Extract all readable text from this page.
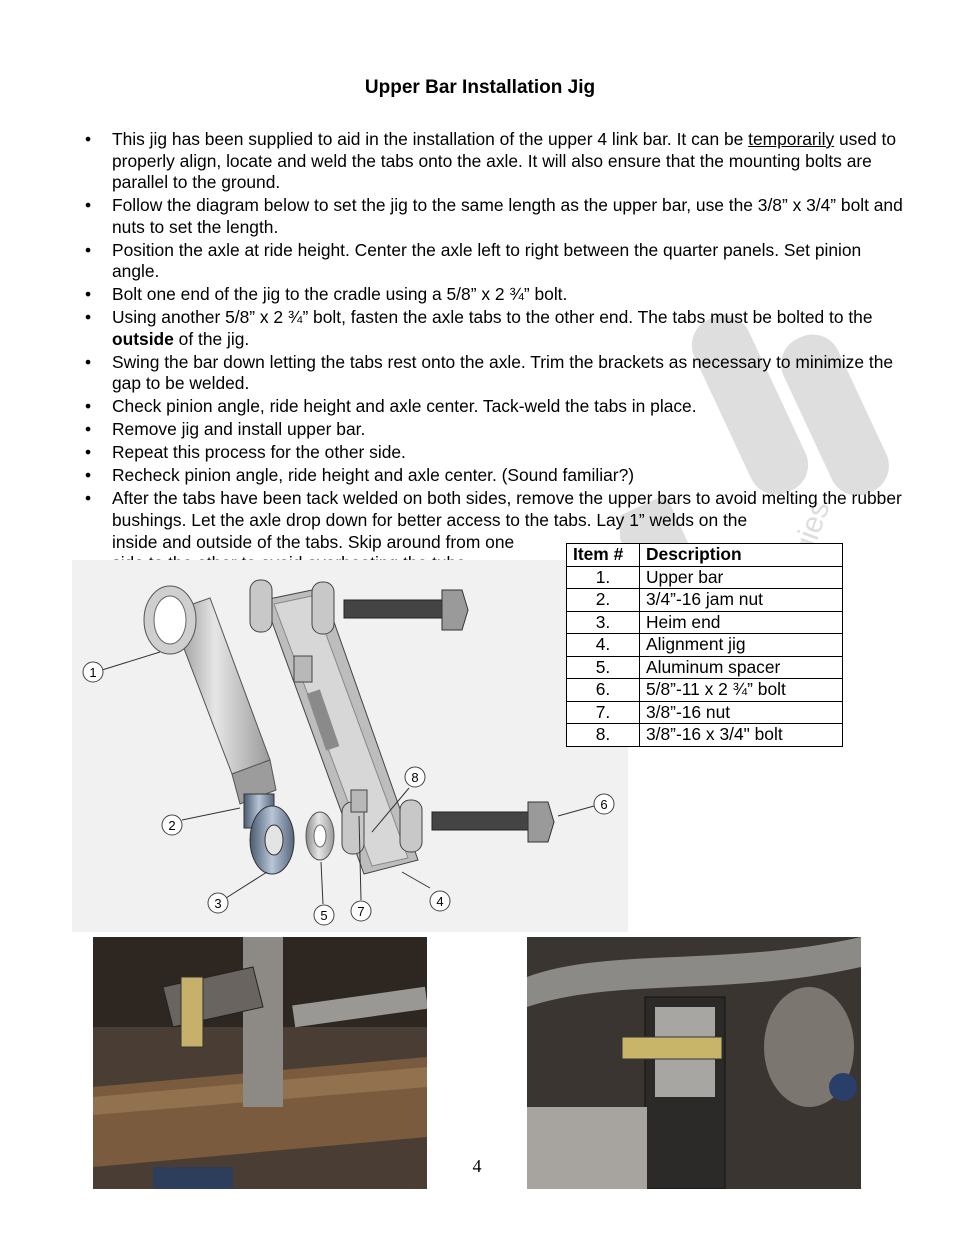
Upper Bar Installation Jig
• This jig has been supplied to aid in the installation of the upper 4 link bar. It can be temporarily used to properly align, locate and weld the tabs onto the axle. It will also ensure that the mounting bolts are parallel to the ground.
• Follow the diagram below to set the jig to the same length as the upper bar, use the 3/8” x 3/4” bolt and nuts to set the length.
• Position the axle at ride height. Center the axle left to right between the quarter panels. Set pinion angle.
• Bolt one end of the jig to the cradle using a 5/8” x 2 ¾” bolt.
• Using another 5/8” x 2 ¾” bolt, fasten the axle tabs to the other end. The tabs must be bolted to the outside of the jig.
• Swing the bar down letting the tabs rest onto the axle. Trim the brackets as necessary to minimize the gap to be welded.
• Check pinion angle, ride height and axle center. Tack-weld the tabs in place.
• Remove jig and install upper bar.
• Repeat this process for the other side.
• Recheck pinion angle, ride height and axle center. (Sound familiar?)
• After the tabs have been tack welded on both sides, remove the upper bars to avoid melting the rubber bushings. Let the axle drop down for better access to the tabs. Lay 1” welds on the
inside and outside of the tabs. Skip around from one
1
2
3	4
5
6
7
8
Item #	Description
1.	Upper bar
2.	3/4”-16 jam nut
3.	Heim end
4.	Alignment jig
5.	Aluminum spacer
6.	5/8”-11 x 2 ¾” bolt
7.	3/8”-16 nut
8.	3/8”-16 x 3/4" bolt
4
